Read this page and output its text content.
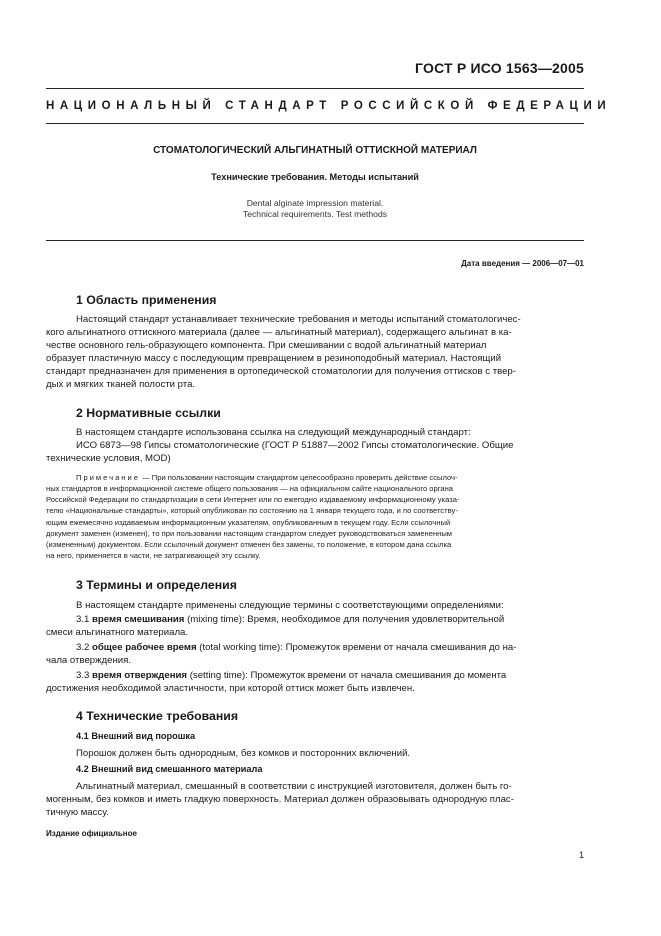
ГОСТ Р ИСО 1563—2005
НАЦИОНАЛЬНЫЙ СТАНДАРТ РОССИЙСКОЙ ФЕДЕРАЦИИ
СТОМАТОЛОГИЧЕСКИЙ АЛЬГИНАТНЫЙ ОТТИСКНОЙ МАТЕРИАЛ
Технические требования. Методы испытаний
Dental alginate impression material.
Technical requirements. Test methods
Дата введения — 2006—07—01
1 Область применения
Настоящий стандарт устанавливает технические требования и методы испытаний стоматологичес-
кого альгинатного оттискного материала (далее — альгинатный материал), содержащего альгинат в ка-
честве основного гель-образующего компонента. При смешивании с водой альгинатный материал
образует пластичную массу с последующим превращением в резиноподобный материал. Настоящий
стандарт предназначен для применения в ортопедической стоматологии для получения оттисков с твер-
дых и мягких тканей полости рта.
2 Нормативные ссылки
В настоящем стандарте использована ссылка на следующий международный стандарт:
ИСО 6873—98 Гипсы стоматологические (ГОСТ Р 51887—2002 Гипсы стоматологические. Общие
технические условия, MOD)
Примечание — При пользовании настоящим стандартом целесообразно проверить действие ссылоч-
ных стандартов в информационной системе общего пользования — на официальном сайте национального органа
Российской Федерации по стандартизации в сети Интернет или по ежегодно издаваемому информационному указа-
телю «Национальные стандарты», который опубликован по состоянию на 1 января текущего года, и по соответству-
ющим ежемесячно издаваемым информационным указателям, опубликованным в текущем году. Если ссылочный
документ заменен (изменен), то при пользовании настоящим стандартом следует руководствоваться замененным
(измененным) документом. Если ссылочный документ отменен без замены, то положение, в котором дана ссылка
на него, применяется в части, не затрагивающей эту ссылку.
3 Термины и определения
В настоящем стандарте применены следующие термины с соответствующими определениями:
3.1 время смешивания (mixing time): Время, необходимое для получения удовлетворительной
смеси альгинатного материала.
3.2 общее рабочее время (total working time): Промежуток времени от начала смешивания до на-
чала отверждения.
3.3 время отверждения (setting time): Промежуток времени от начала смешивания до момента
достижения необходимой эластичности, при которой оттиск может быть извлечен.
4 Технические требования
4.1 Внешний вид порошка
Порошок должен быть однородным, без комков и посторонних включений.
4.2 Внешний вид смешанного материала
Альгинатный материал, смешанный в соответствии с инструкцией изготовителя, должен быть го-
могенным, без комков и иметь гладкую поверхность. Материал должен образовывать однородную плас-
тичную массу.
Издание официальное
1
